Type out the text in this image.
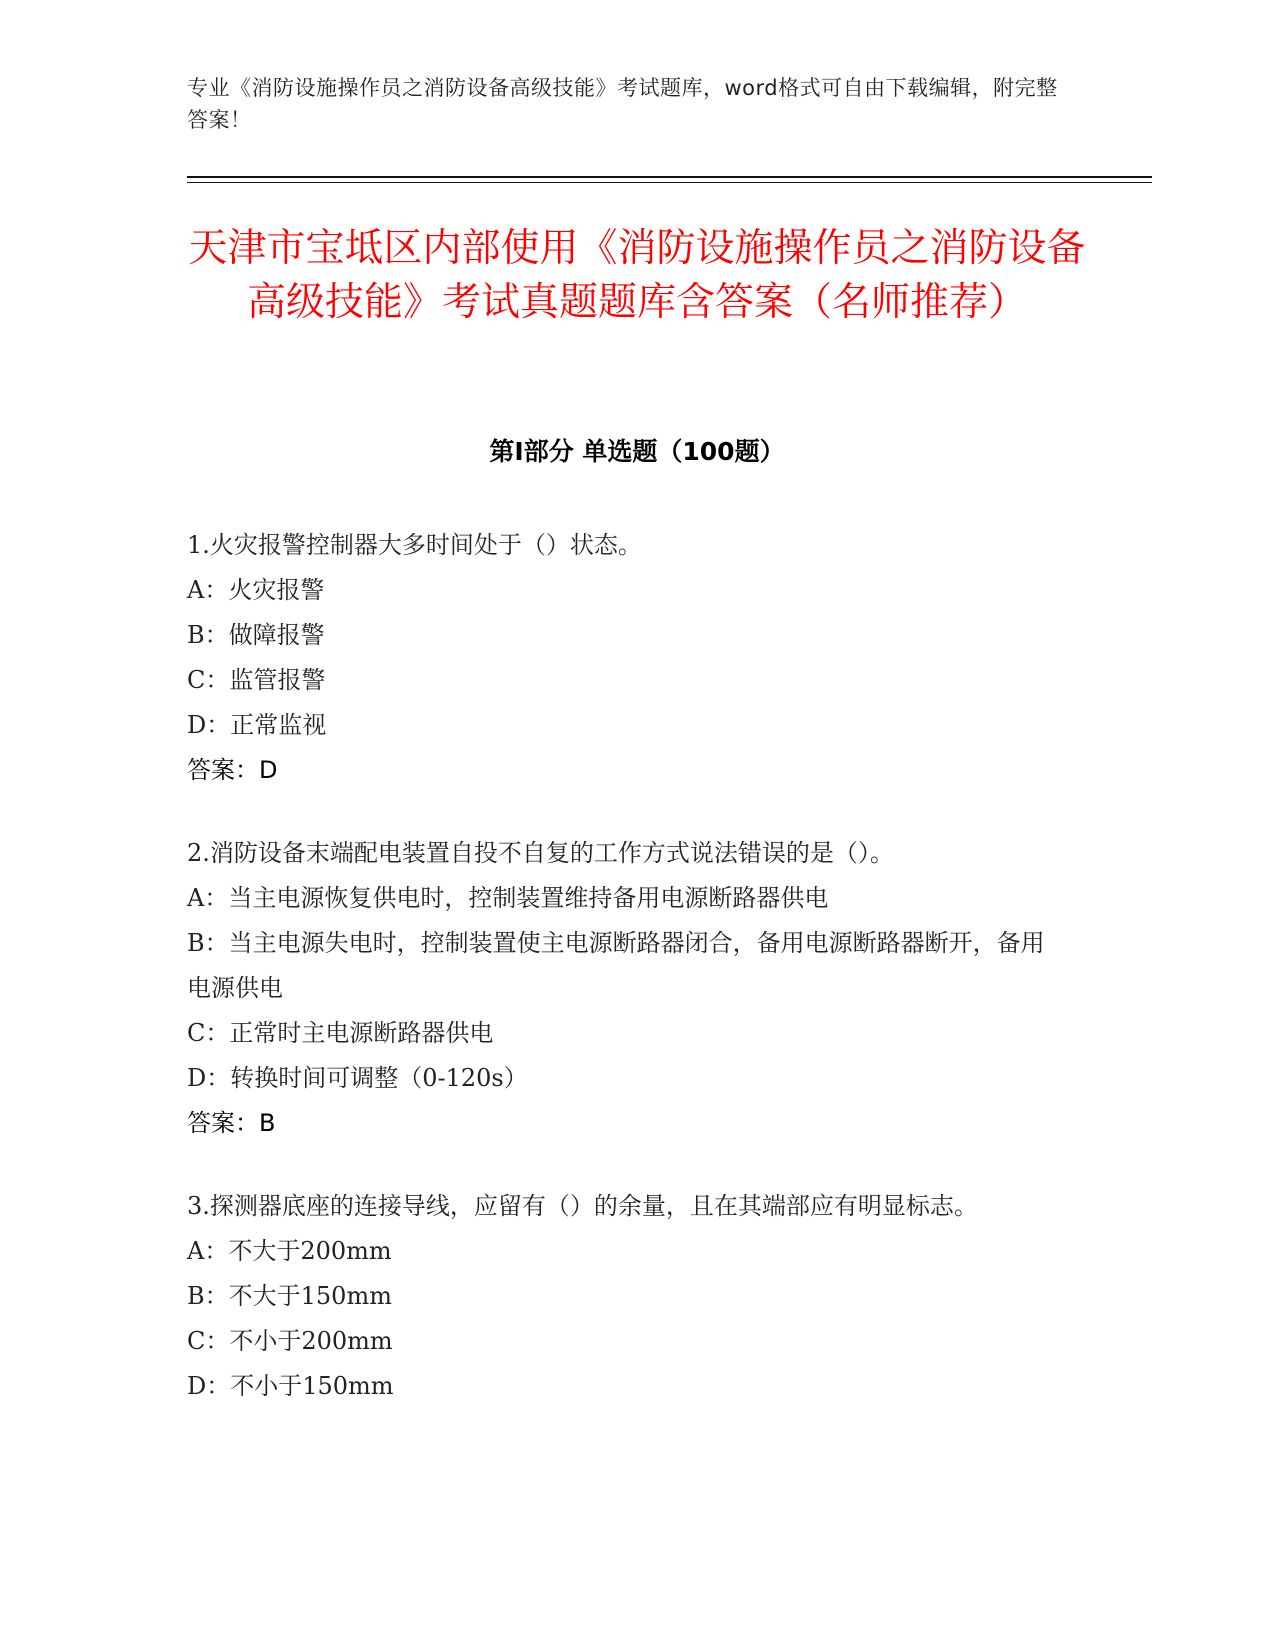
专业《消防设施操作员之消防设备高级技能》考试题库，word格式可自由下载编辑，附完整答案！
天津市宝坻区内部使用《消防设施操作员之消防设备高级技能》考试真题题库含答案（名师推荐）
第I部分 单选题（100题）
1.火灾报警控制器大多时间处于（）状态。
A：火灾报警
B：做障报警
C：监管报警
D：正常监视
答案：D
2.消防设备末端配电装置自投不自复的工作方式说法错误的是（）。
A：当主电源恢复供电时，控制装置维持备用电源断路器供电
B：当主电源失电时，控制装置使主电源断路器闭合，备用电源断路器断开，备用电源供电
C：正常时主电源断路器供电
D：转换时间可调整（0-120s）
答案：B
3.探测器底座的连接导线，应留有（）的余量，且在其端部应有明显标志。
A：不大于200mm
B：不大于150mm
C：不小于200mm
D：不小于150mm
